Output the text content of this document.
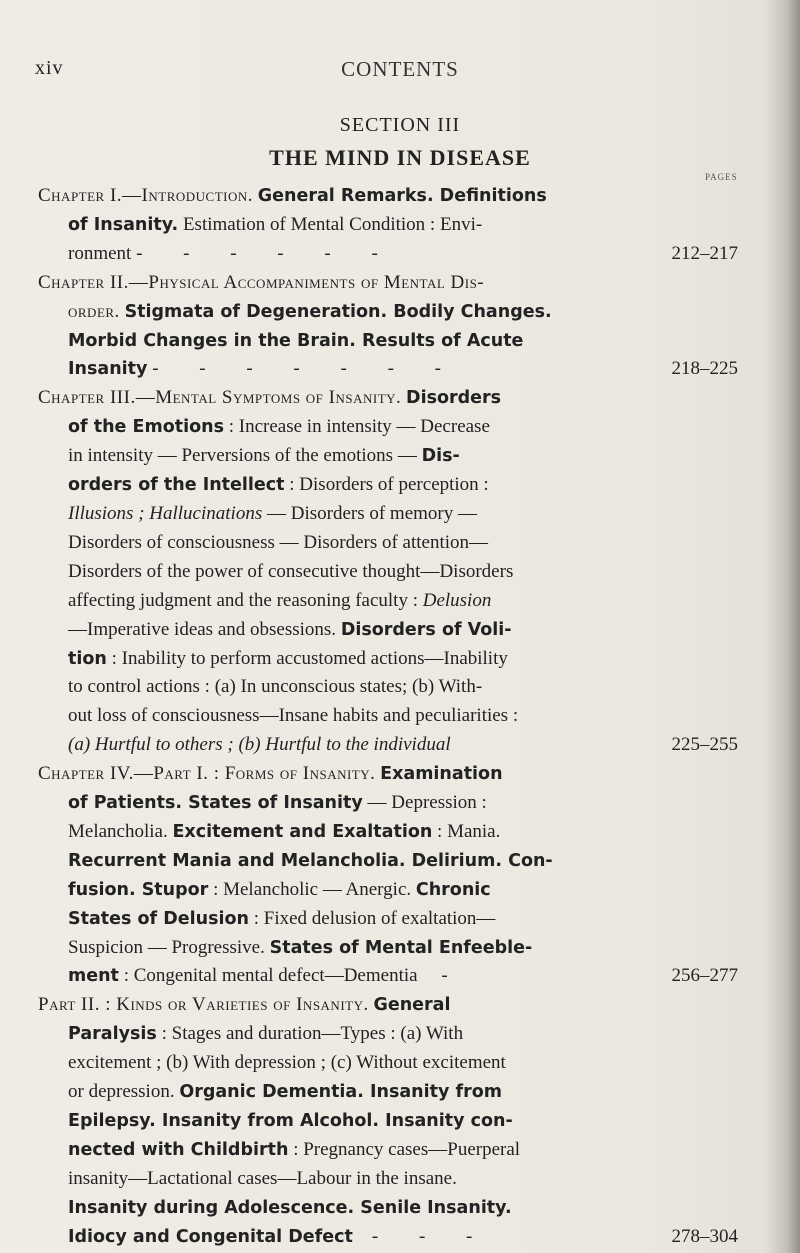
xiv	CONTENTS
SECTION III
THE MIND IN DISEASE
PAGES
Chapter I.—Introduction. General Remarks. Definitions
of Insanity. Estimation of Mental Condition : Envi-
ronment - - - - - -	212–217
Chapter II.—Physical Accompaniments of Mental Dis-
order. Stigmata of Degeneration. Bodily Changes.
Morbid Changes in the Brain. Results of Acute
Insanity - - - - - - -	218–225
Chapter III.—Mental Symptoms of Insanity. Disorders
of the Emotions : Increase in intensity — Decrease
in intensity — Perversions of the emotions — Dis-
orders of the Intellect : Disorders of perception :
Illusions ; Hallucinations — Disorders of memory —
Disorders of consciousness — Disorders of attention—
Disorders of the power of consecutive thought—Disorders
affecting judgment and the reasoning faculty : Delusion
—Imperative ideas and obsessions. Disorders of Voli-
tion : Inability to perform accustomed actions—Inability
to control actions : (a) In unconscious states; (b) With-
out loss of consciousness—Insane habits and peculiarities :
(a) Hurtful to others ; (b) Hurtful to the individual	225–255
Chapter IV.—Part I. : Forms of Insanity. Examination
of Patients. States of Insanity — Depression :
Melancholia. Excitement and Exaltation : Mania.
Recurrent Mania and Melancholia. Delirium. Con-
fusion. Stupor : Melancholic — Anergic. Chronic
States of Delusion : Fixed delusion of exaltation—
Suspicion — Progressive. States of Mental Enfeeble-
ment : Congenital mental defect—Dementia -	256–277
Part II. : Kinds or Varieties of Insanity. General
Paralysis : Stages and duration—Types : (a) With
excitement ; (b) With depression ; (c) Without excitement
or depression. Organic Dementia. Insanity from
Epilepsy. Insanity from Alcohol. Insanity con-
nected with Childbirth : Pregnancy cases—Puerperal
insanity—Lactational cases—Labour in the insane.
Insanity during Adolescence. Senile Insanity.
Idiocy and Congenital Defect - - -	278–304
